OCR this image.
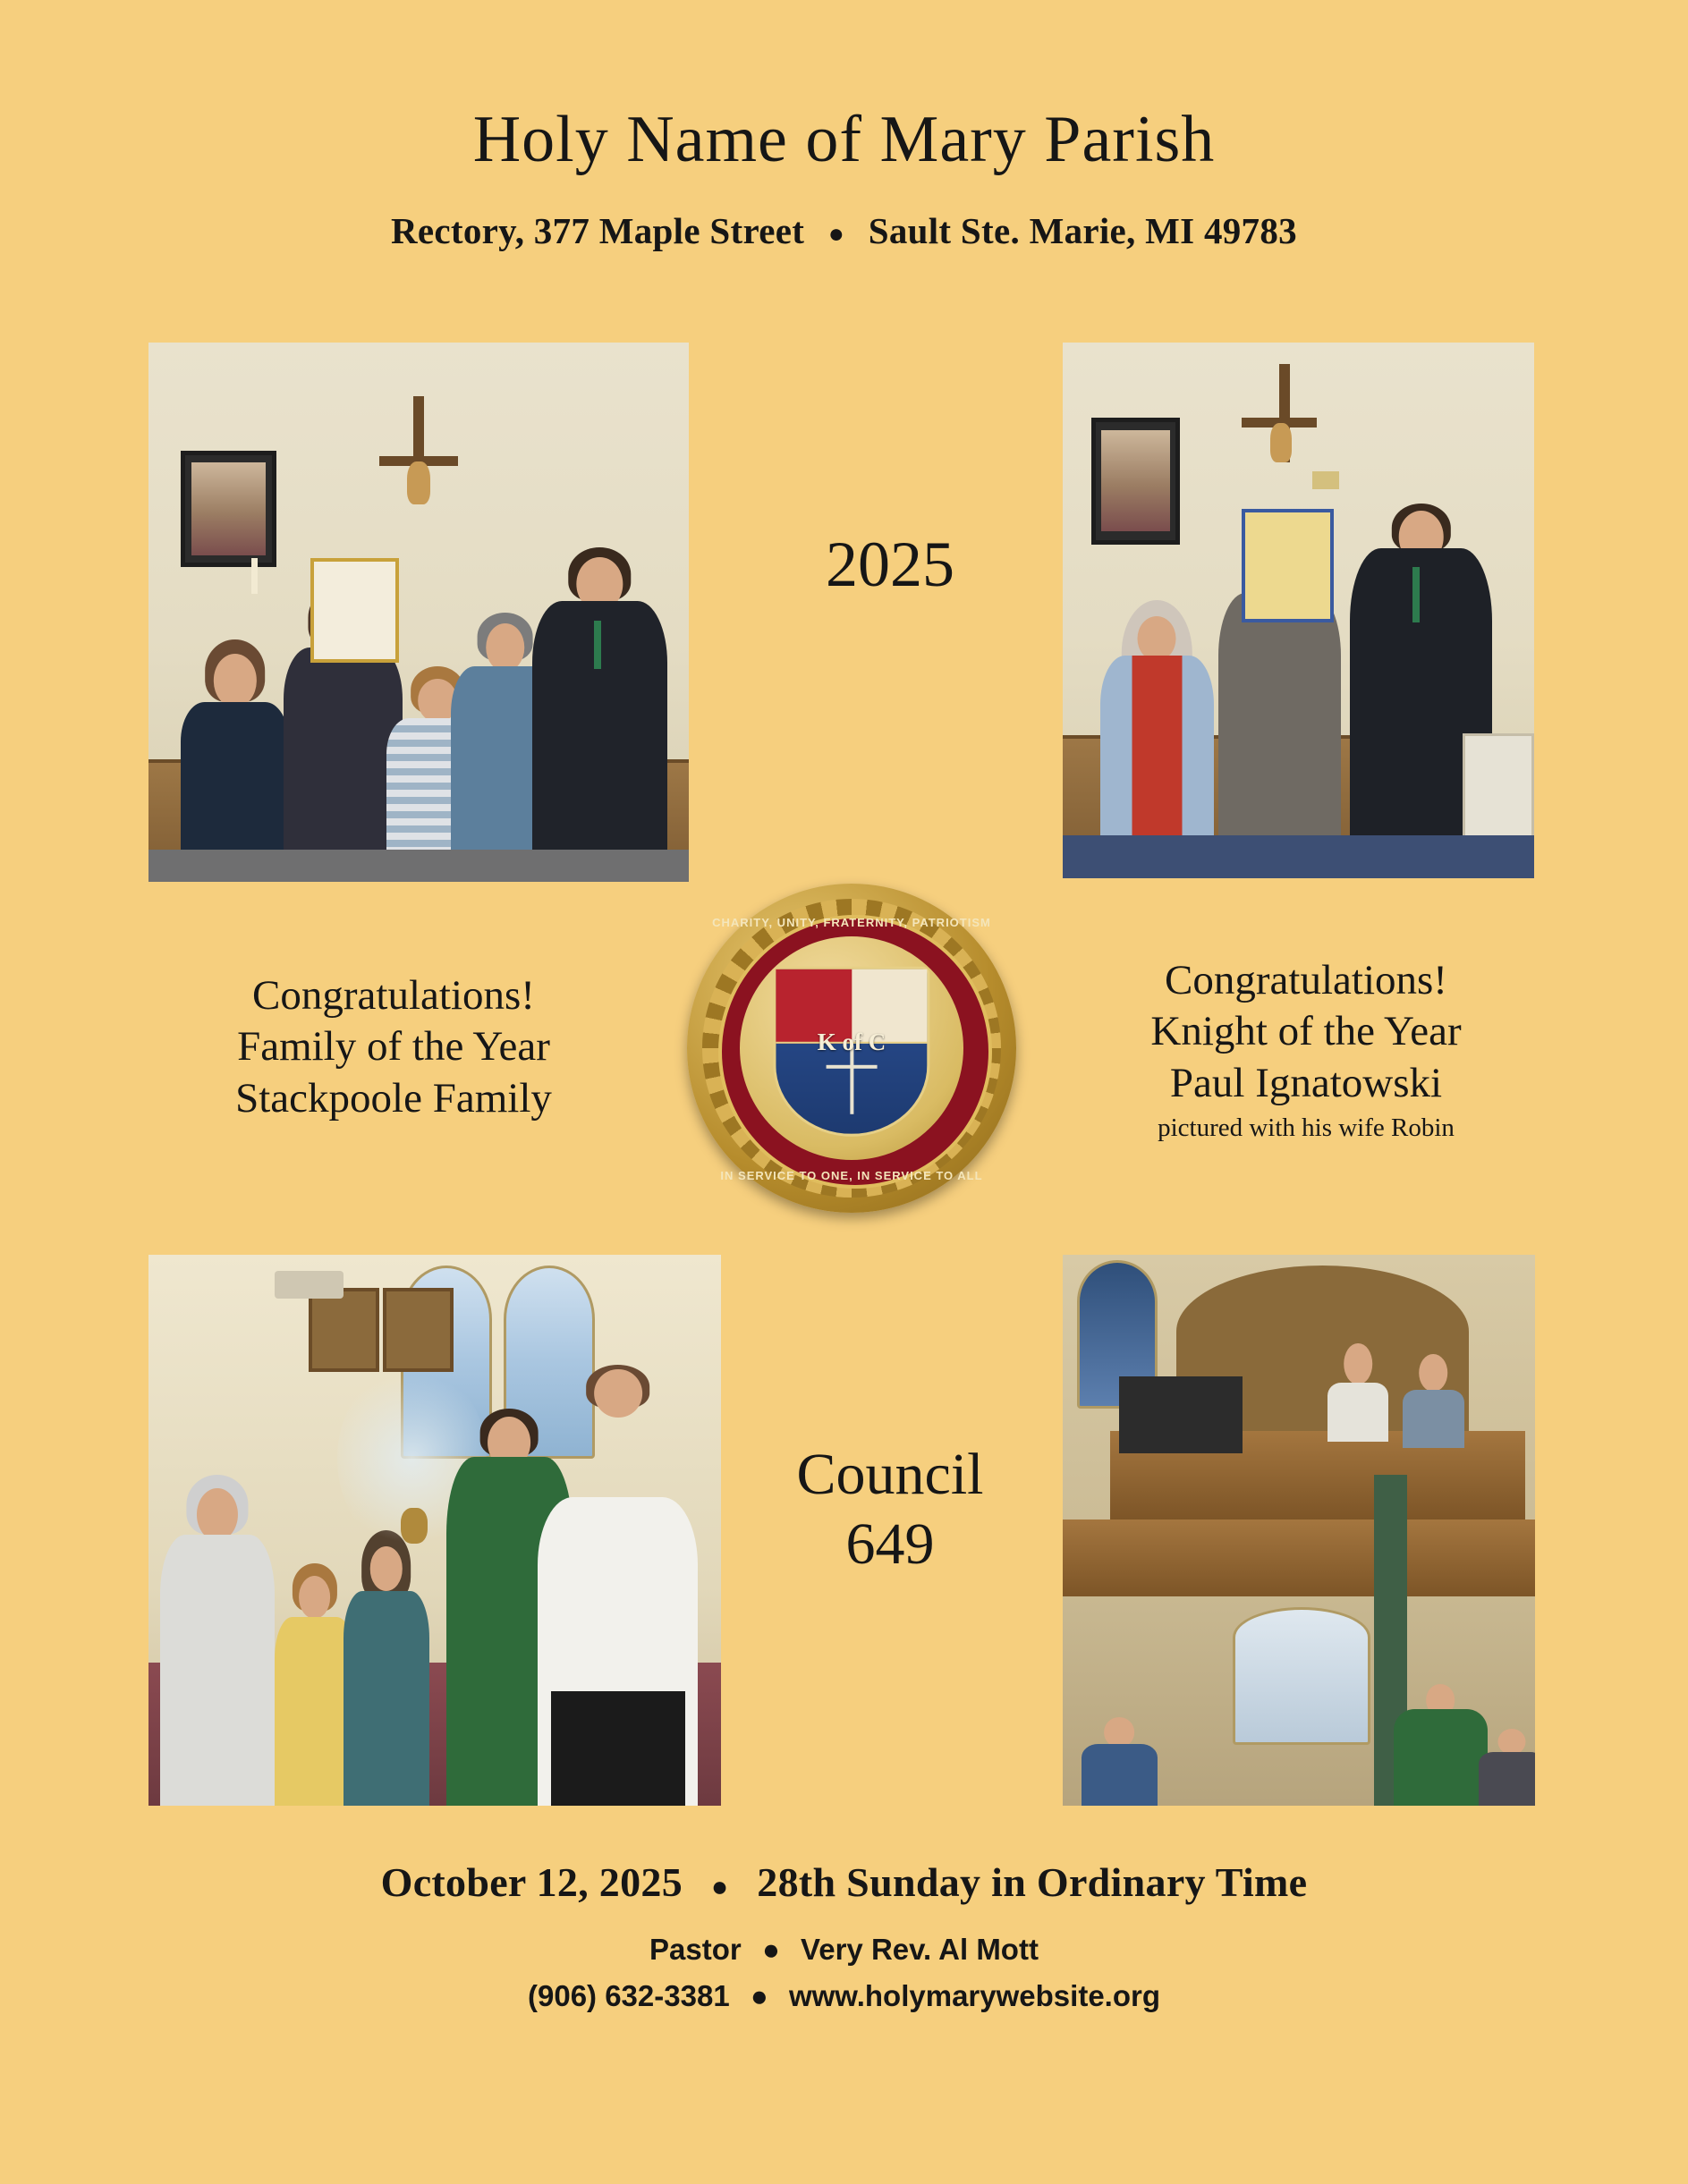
Holy Name of Mary Parish
Rectory, 377 Maple Street ● Sault Ste. Marie, MI 49783
2025
Council
649
CHARITY, UNITY, FRATERNITY, PATRIOTISM
IN SERVICE TO ONE, IN SERVICE TO ALL
K of C
Congratulations!
Family of the Year
Stackpoole Family
Congratulations!
Knight of the Year
Paul Ignatowski
pictured with his wife Robin
October 12, 2025 ● 28th Sunday in Ordinary Time
Pastor ● Very Rev. Al Mott
(906) 632-3381 ● www.holymarywebsite.org
